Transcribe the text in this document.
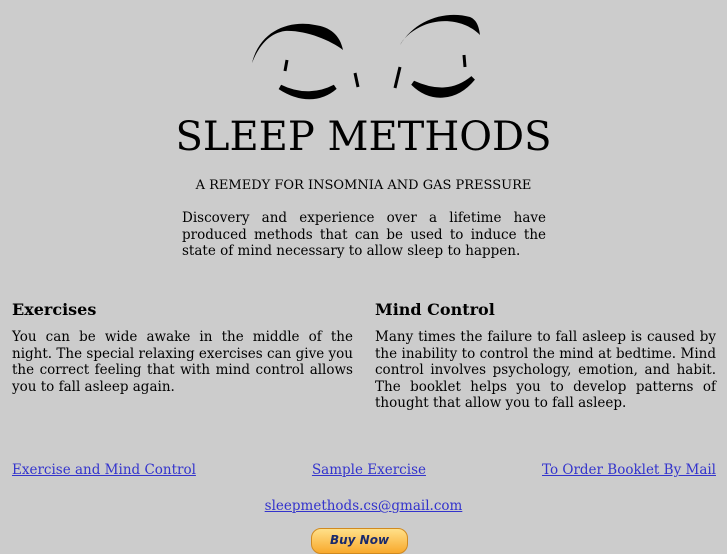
SLEEP METHODS
A REMEDY FOR INSOMNIA AND GAS PRESSURE
Discovery and experience over a lifetime have produced methods that can be used to induce the state of mind necessary to allow sleep to happen.
Exercises

You can be wide awake in the middle of the night. The special relaxing exercises can give you the correct feeling that with mind control allows you to fall asleep again.

Mind Control

Many times the failure to fall asleep is caused by the inability to control the mind at bedtime. Mind control involves psychology, emotion, and habit. The booklet helps you to develop patterns of thought that allow you to fall asleep.

Exercise and Mind Control	Sample Exercise	To Order Booklet By Mail
sleepmethods.cs@gmail.com
Buy Now
